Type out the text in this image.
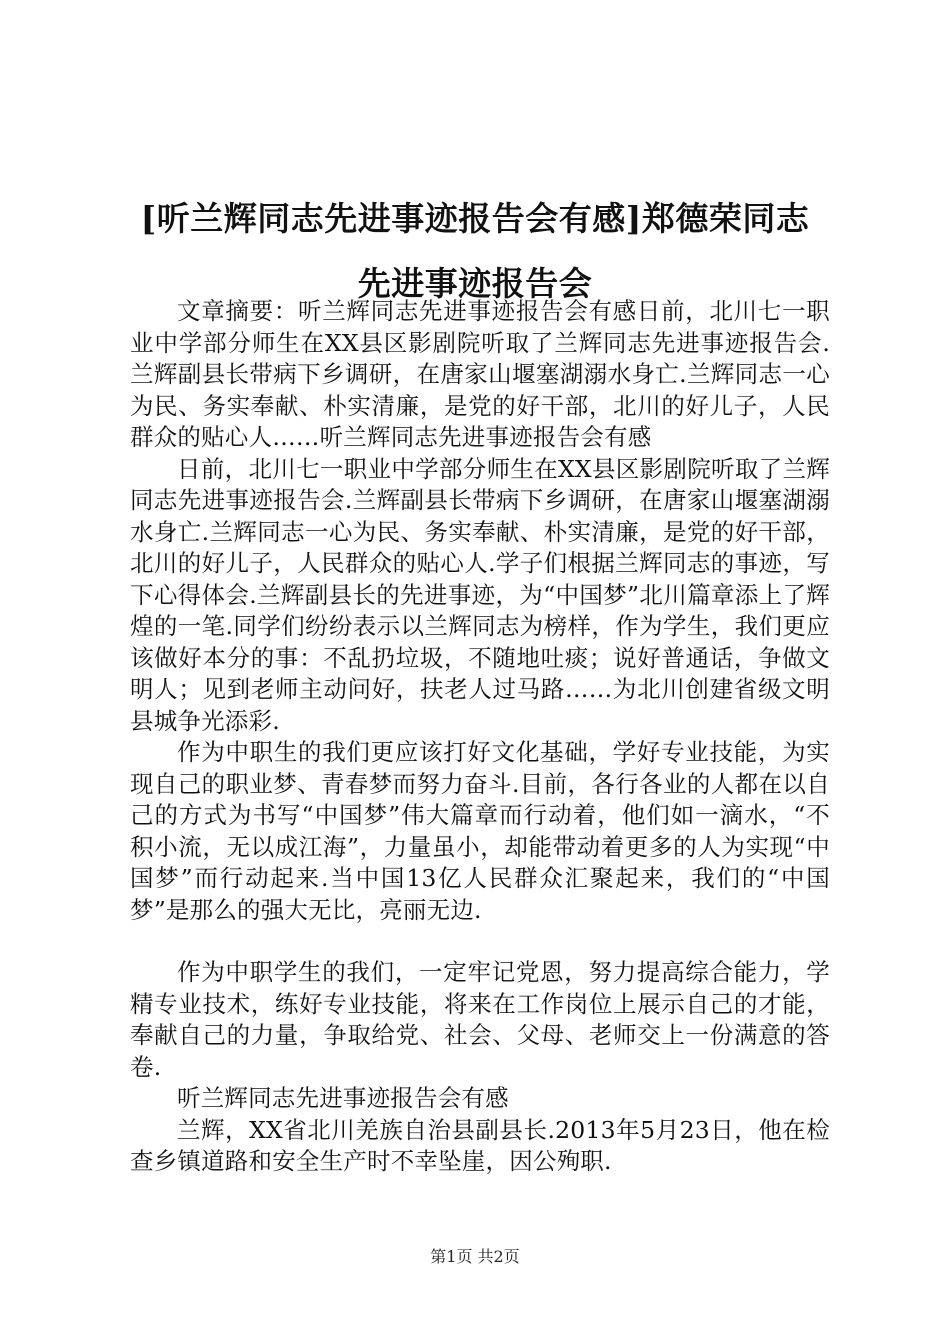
[听兰辉同志先进事迹报告会有感]郑德荣同志
先进事迹报告会

文章摘要：听兰辉同志先进事迹报告会有感日前，北川七一职业中学部分师生在XX县区影剧院听取了兰辉同志先进事迹报告会.兰辉副县长带病下乡调研，在唐家山堰塞湖溺水身亡.兰辉同志一心为民、务实奉献、朴实清廉，是党的好干部，北川的好儿子，人民群众的贴心人……听兰辉同志先进事迹报告会有感

日前，北川七一职业中学部分师生在XX县区影剧院听取了兰辉同志先进事迹报告会.兰辉副县长带病下乡调研，在唐家山堰塞湖溺水身亡.兰辉同志一心为民、务实奉献、朴实清廉，是党的好干部，北川的好儿子，人民群众的贴心人.学子们根据兰辉同志的事迹，写下心得体会.兰辉副县长的先进事迹，为“中国梦”北川篇章添上了辉煌的一笔.同学们纷纷表示以兰辉同志为榜样，作为学生，我们更应该做好本分的事：不乱扔垃圾，不随地吐痰；说好普通话，争做文明人；见到老师主动问好，扶老人过马路……为北川创建省级文明县城争光添彩.

作为中职生的我们更应该打好文化基础，学好专业技能，为实现自己的职业梦、青春梦而努力奋斗.目前，各行各业的人都在以自己的方式为书写“中国梦”伟大篇章而行动着，他们如一滴水，“不积小流，无以成江海”，力量虽小，却能带动着更多的人为实现“中国梦”而行动起来.当中国13亿人民群众汇聚起来，我们的“中国梦”是那么的强大无比，亮丽无边.

作为中职学生的我们，一定牢记党恩，努力提高综合能力，学精专业技术，练好专业技能，将来在工作岗位上展示自己的才能，奉献自己的力量，争取给党、社会、父母、老师交上一份满意的答卷.

听兰辉同志先进事迹报告会有感

兰辉，XX省北川羌族自治县副县长.2013年5月23日，他在检查乡镇道路和安全生产时不幸坠崖，因公殉职.

第1页 共2页
